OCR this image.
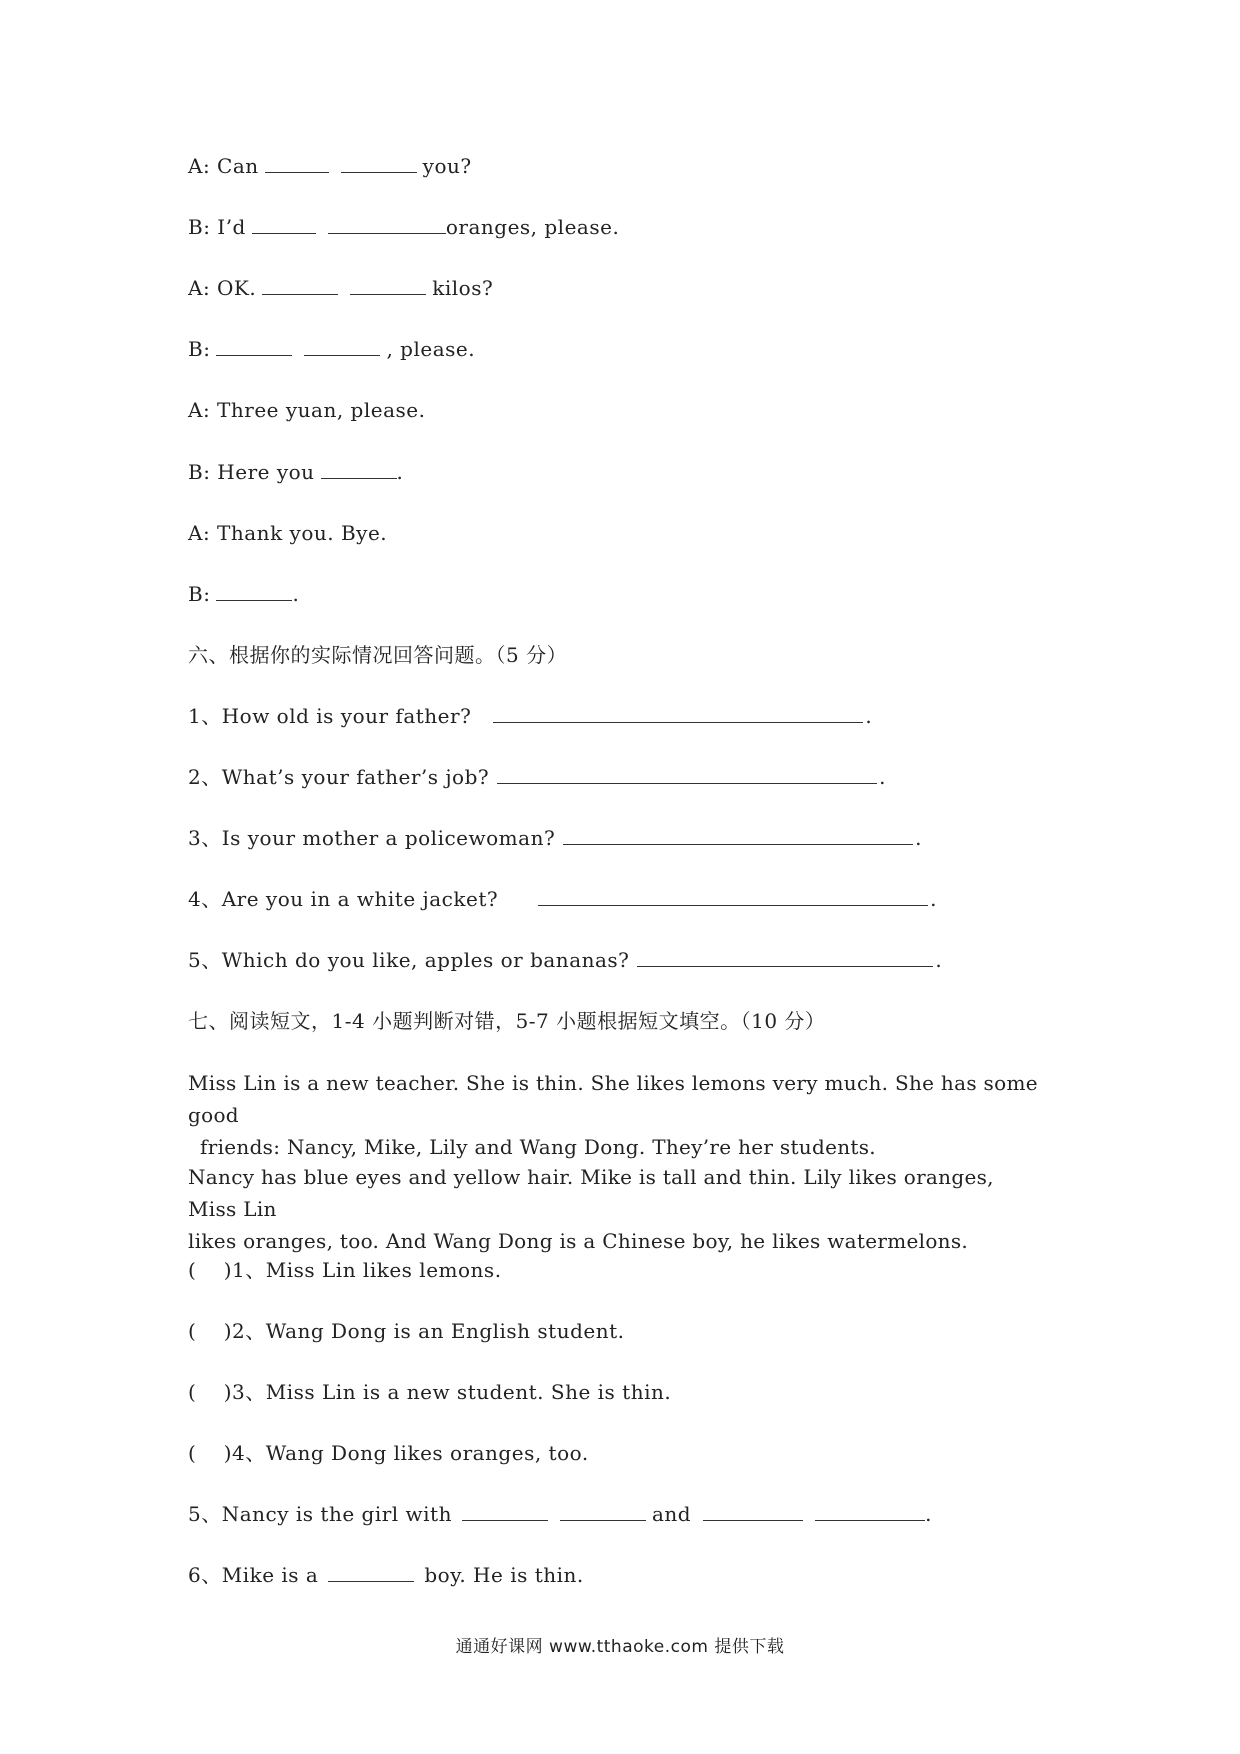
A: Can	you?
B: I’d	oranges, please.
A: OK.	kilos?
B:	, please.
A: Three yuan, please.
B: Here you	.
A: Thank you. Bye.
B:	.
六、根据你的实际情况回答问题。（5 分）
1、How old is your father?	.
2、What’s your father’s job?	.
3、Is your mother a policewoman?	.
4、Are you in a white jacket?	.
5、Which do you like, apples or bananas?	.
七、阅读短文，1-4 小题判断对错，5-7 小题根据短文填空。（10 分）
Miss Lin is a new teacher. She is thin. She likes lemons very much. She has some good
friends: Nancy, Mike, Lily and Wang Dong. They’re her students.
Nancy has blue eyes and yellow hair. Mike is tall and thin. Lily likes oranges, Miss Lin
likes oranges, too. And Wang Dong is a Chinese boy, he likes watermelons.
(    )1、Miss Lin likes lemons.
(    )2、Wang Dong is an English student.
(    )3、Miss Lin is a new student. She is thin.
(    )4、Wang Dong likes oranges, too.
5、Nancy is the girl with	and	.
6、Mike is a	boy. He is thin.
通通好课网 www.tthaoke.com 提供下载
